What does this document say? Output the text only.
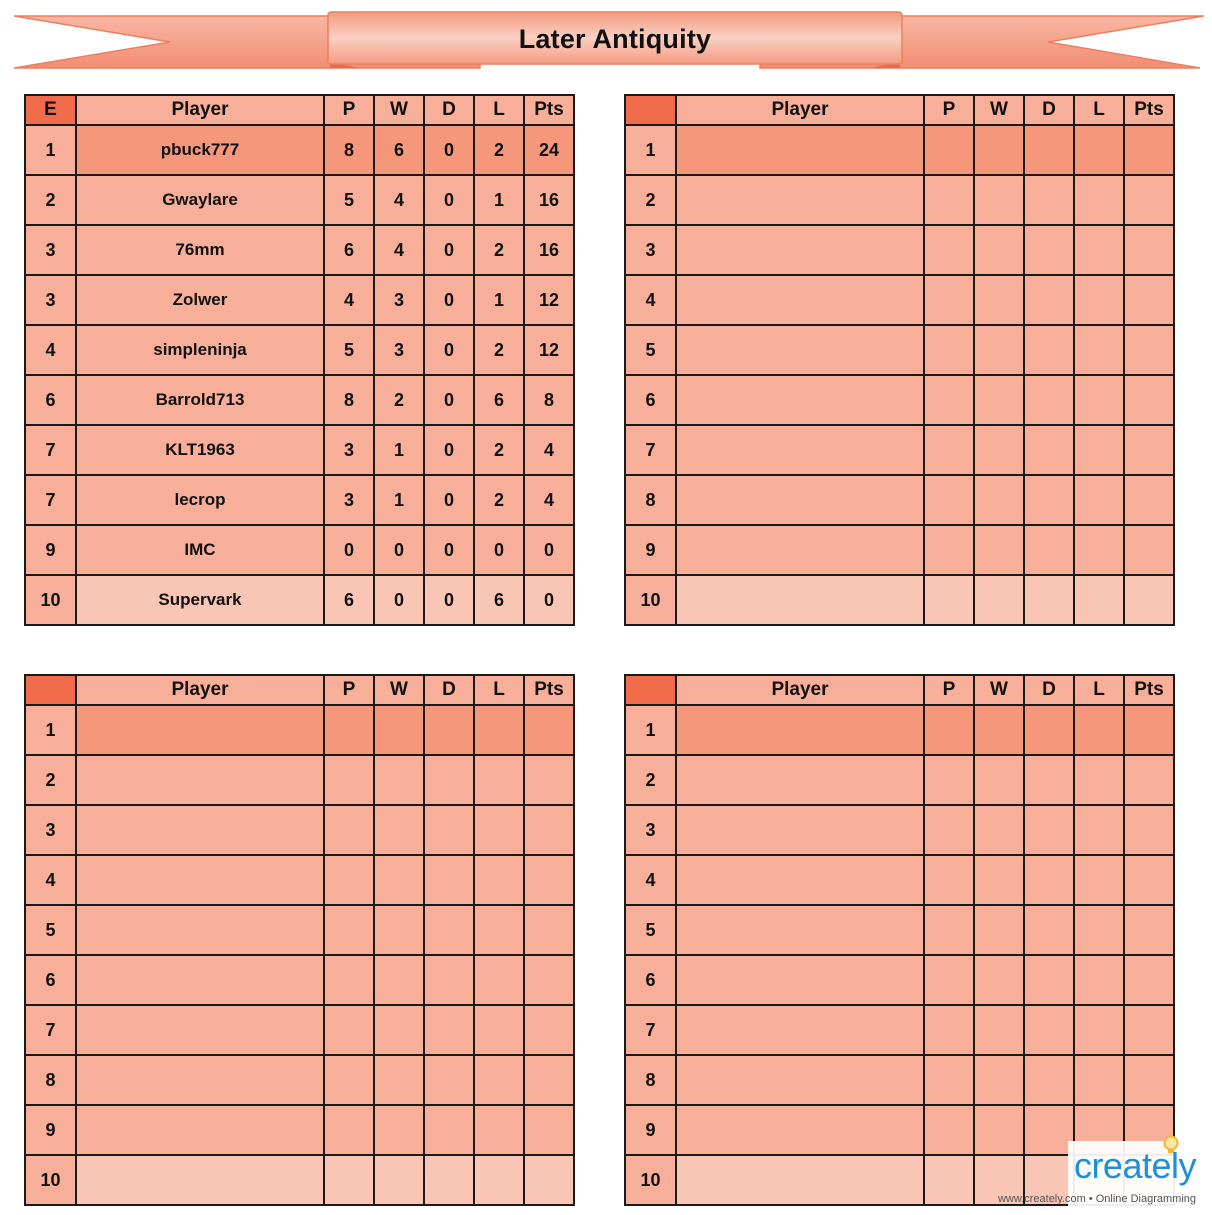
Later Antiquity
E	Player	P	W	D	L	Pts
1	pbuck777	8	6	0	2	24
2	Gwaylare	5	4	0	1	16
3	76mm	6	4	0	2	16
3	Zolwer	4	3	0	1	12
4	simpleninja	5	3	0	2	12
6	Barrold713	8	2	0	6	8
7	KLT1963	3	1	0	2	4
7	lecrop	3	1	0	2	4
9	IMC	0	0	0	0	0
10	Supervark	6	0	0	6	0
	Player	P	W	D	L	Pts
1						
2						
3						
4						
5						
6						
7						
8						
9						
10						
	Player	P	W	D	L	Pts
1						
2						
3						
4						
5						
6						
7						
8						
9						
10						
	Player	P	W	D	L	Pts
1						
2						
3						
4						
5						
6						
7						
8						
9						
10							creately
www.creately.com • Online Diagramming
